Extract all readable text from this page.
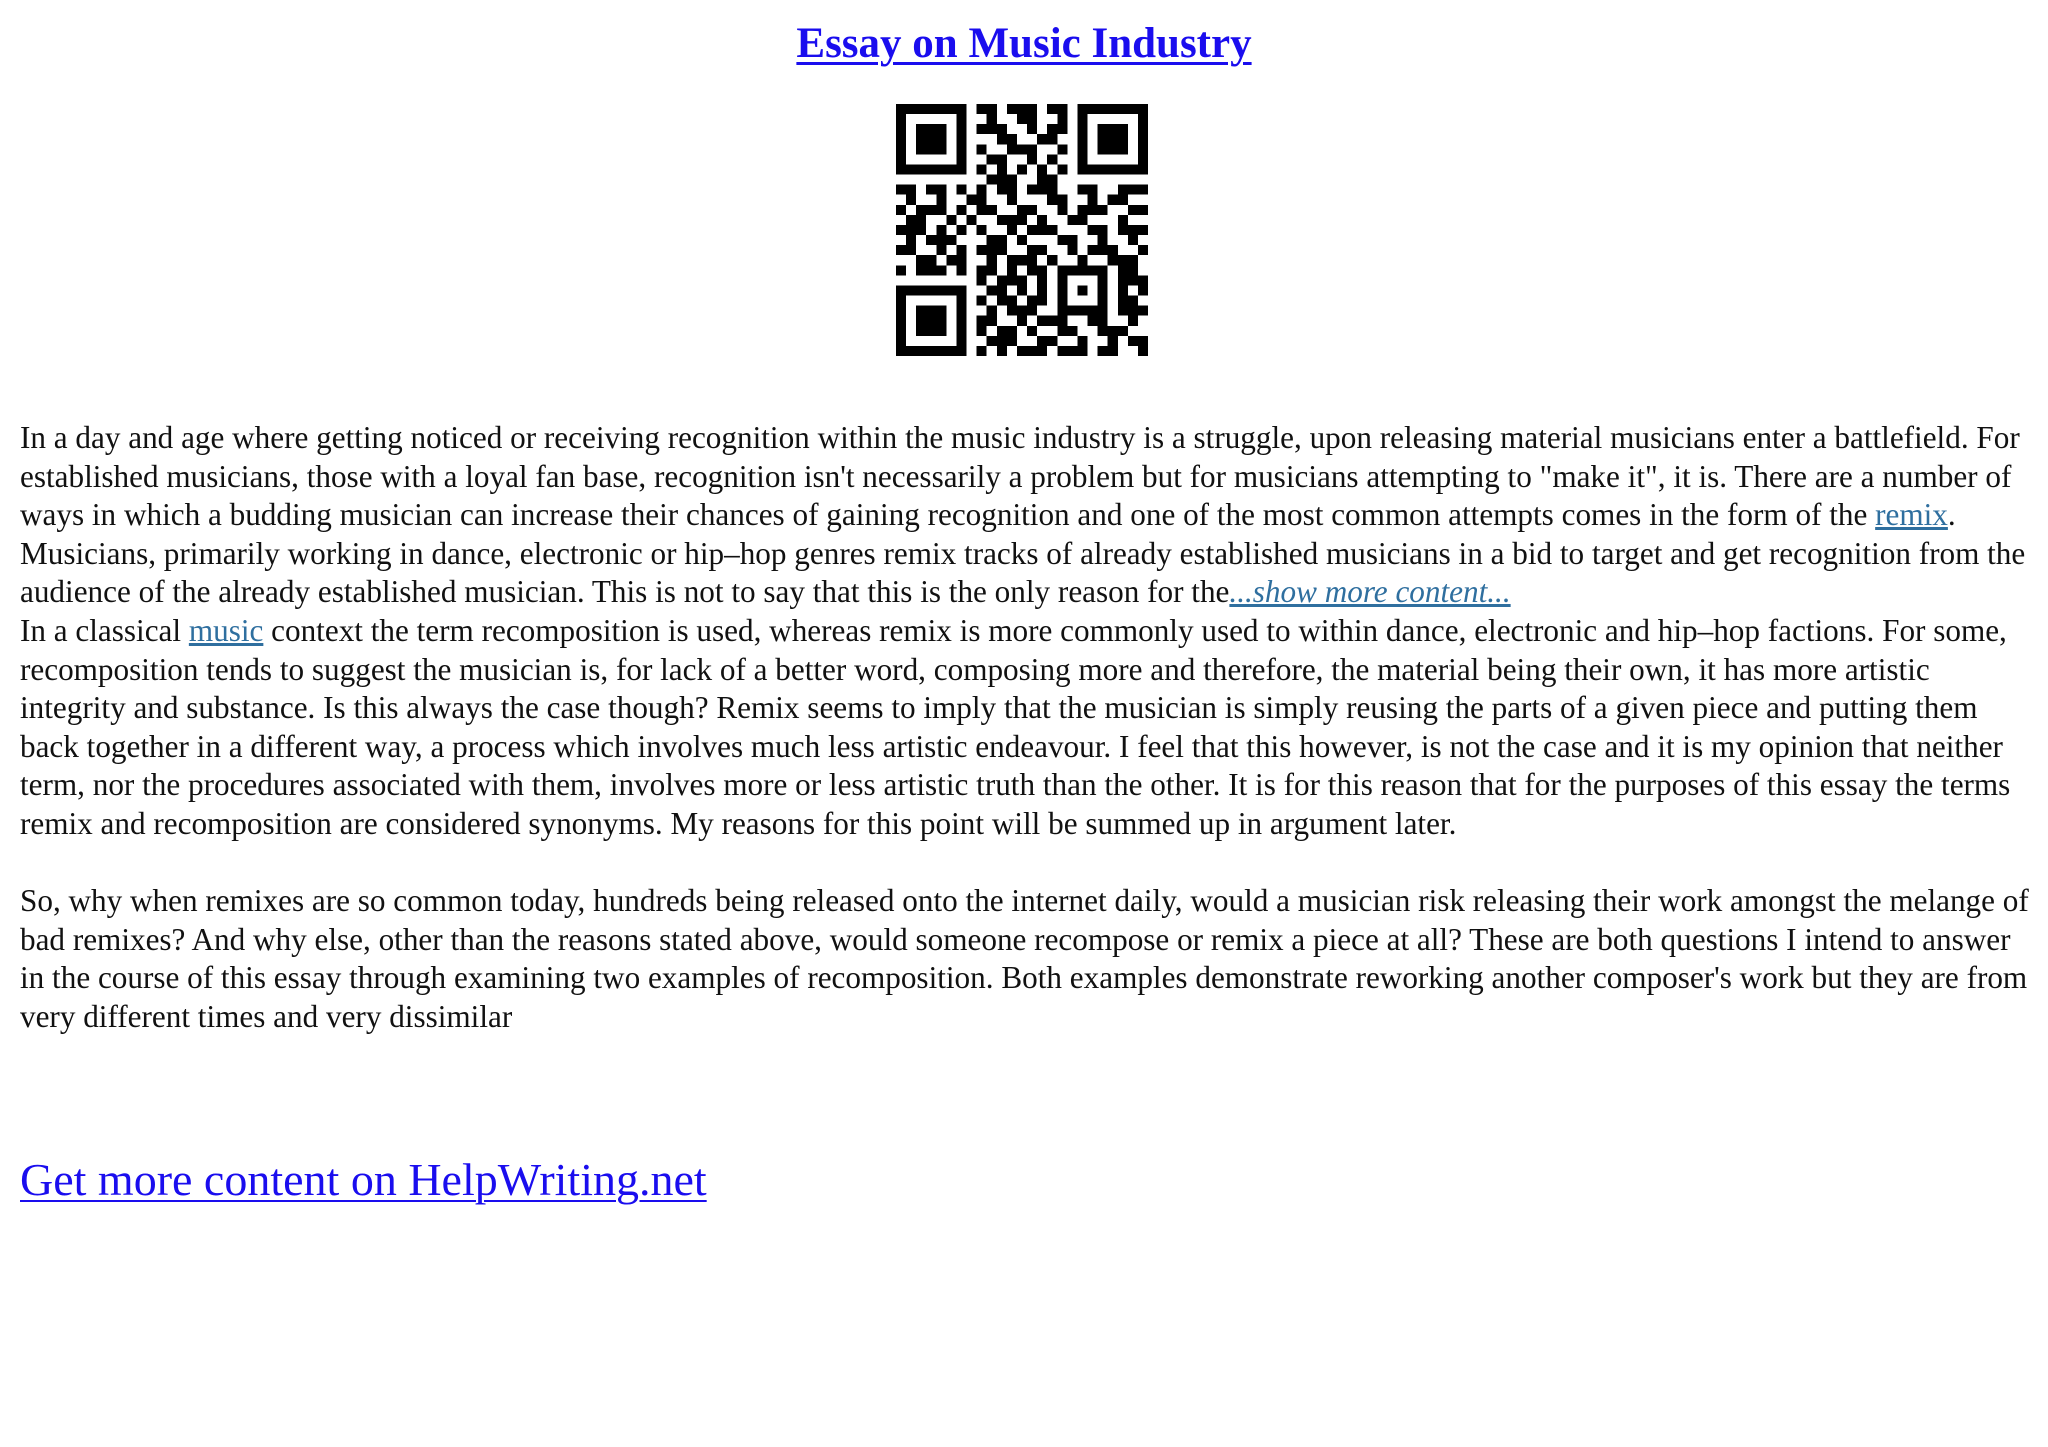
Essay on Music Industry

In a day and age where getting noticed or receiving recognition within the music industry is a struggle, upon releasing material musicians enter a battlefield. For established musicians, those with a loyal fan base, recognition isn't necessarily a problem but for musicians attempting to "make it", it is. There are a number of ways in which a budding musician can increase their chances of gaining recognition and one of the most common attempts comes in the form of the remix. Musicians, primarily working in dance, electronic or hip–hop genres remix tracks of already established musicians in a bid to target and get recognition from the audience of the already established musician. This is not to say that this is the only reason for the...show more content...

In a classical music context the term recomposition is used, whereas remix is more commonly used to within dance, electronic and hip–hop factions. For some, recomposition tends to suggest the musician is, for lack of a better word, composing more and therefore, the material being their own, it has more artistic integrity and substance. Is this always the case though? Remix seems to imply that the musician is simply reusing the parts of a given piece and putting them back together in a different way, a process which involves much less artistic endeavour. I feel that this however, is not the case and it is my opinion that neither term, nor the procedures associated with them, involves more or less artistic truth than the other. It is for this reason that for the purposes of this essay the terms remix and recomposition are considered synonyms. My reasons for this point will be summed up in argument later.

So, why when remixes are so common today, hundreds being released onto the internet daily, would a musician risk releasing their work amongst the melange of bad remixes? And why else, other than the reasons stated above, would someone recompose or remix a piece at all? These are both questions I intend to answer in the course of this essay through examining two examples of recomposition. Both examples demonstrate reworking another composer's work but they are from very different times and very dissimilar

Get more content on HelpWriting.net
